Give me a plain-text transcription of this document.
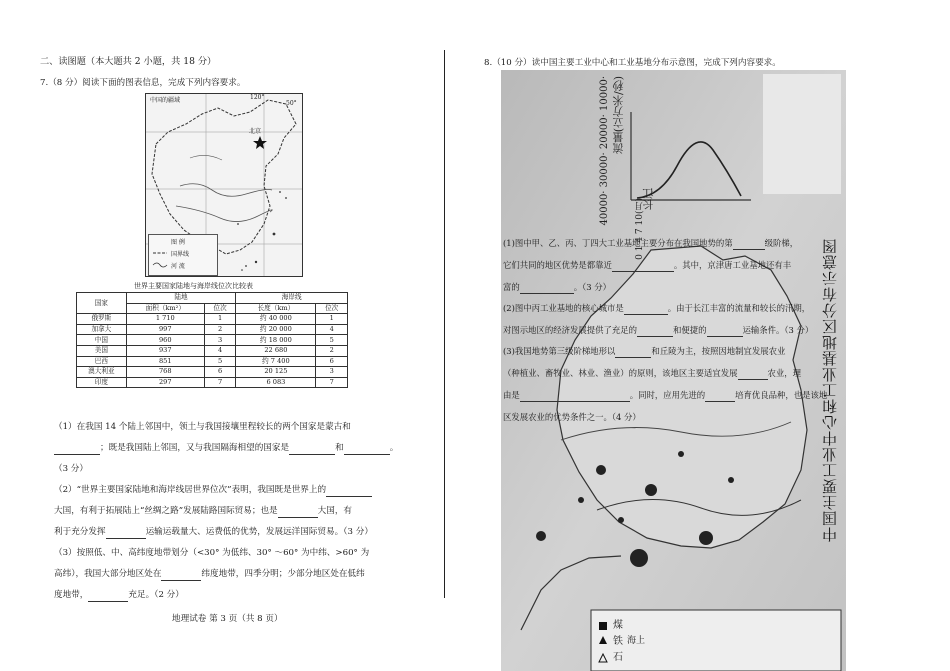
二、读图题（本大题共 2 小题，共 18 分）
7.（8 分）阅读下面的图表信息，完成下列内容要求。
中国的疆域
北京
50°
120°
图 例
国界线
河 流
世界主要国家陆地与海岸线位次比较表
国家	陆地		海岸线	
	面积（km²）	位次	长度（km）	位次
俄罗斯	1 710	1	约 40 000	1
加拿大	997	2	约 20 000	4
中国	960	3	约 18 000	5
美国	937	4	22 680	2
巴西	851	5	约 7 400	6
澳大利亚	768	6	20 125	3
印度	297	7	6 083	7
（1）在我国 14 个陆上邻国中，领土与我国接壤里程较长的两个国家是蒙古和
；既是我国陆上邻国，又与我国隔海相望的国家是	和	。
（3 分）
（2）“世界主要国家陆地和海岸线居世界位次”表明，我国既是世界上的
大国，有利于拓展陆上“丝绸之路”发展陆路国际贸易；也是	大国，有
利于充分发挥	运输运载量大、运费低的优势，发展远洋国际贸易。（3 分）
（3）按照低、中、高纬度地带划分（<30° 为低纬、30° ～60° 为中纬、>60° 为
高纬），我国大部分地区处在	纬度地带，四季分明；少部分地区处在低纬
度地带，	充足。（2 分）
地理试卷 第 3 页（共 8 页）
8.（10 分）读中国主要工业中心和工业基地分布示意图，完成下列内容要求。
流量(立方米/秒)
40000· 30000· 20000· 10000·
0 1 4 7 10(月)
长江
中国主要工业中心和工业基地区分布示意图
(1)图中甲、乙、丙、丁四大工业基地主要分布在我国地势的第	级阶梯，
它们共同的地区优势是都靠近	。其中，京津唐工业基地还有丰
富的	。（3 分）
(2)图中丙工业基地的核心城市是	。由于长江丰富的流量和较长的汛期，
对图示地区的经济发展提供了充足的	和便捷的	运输条件。（3 分）
(3)我国地势第三级阶梯地形以	和丘陵为主，按照因地制宜发展农业
（种植业、畜牧业、林业、渔业）的原则，该地区主要适宜发展	农业，理
由是	。同时，应用先进的	培育优良品种，也是该地
区发展农业的优势条件之一。（4 分）
煤
铁
石
海上
